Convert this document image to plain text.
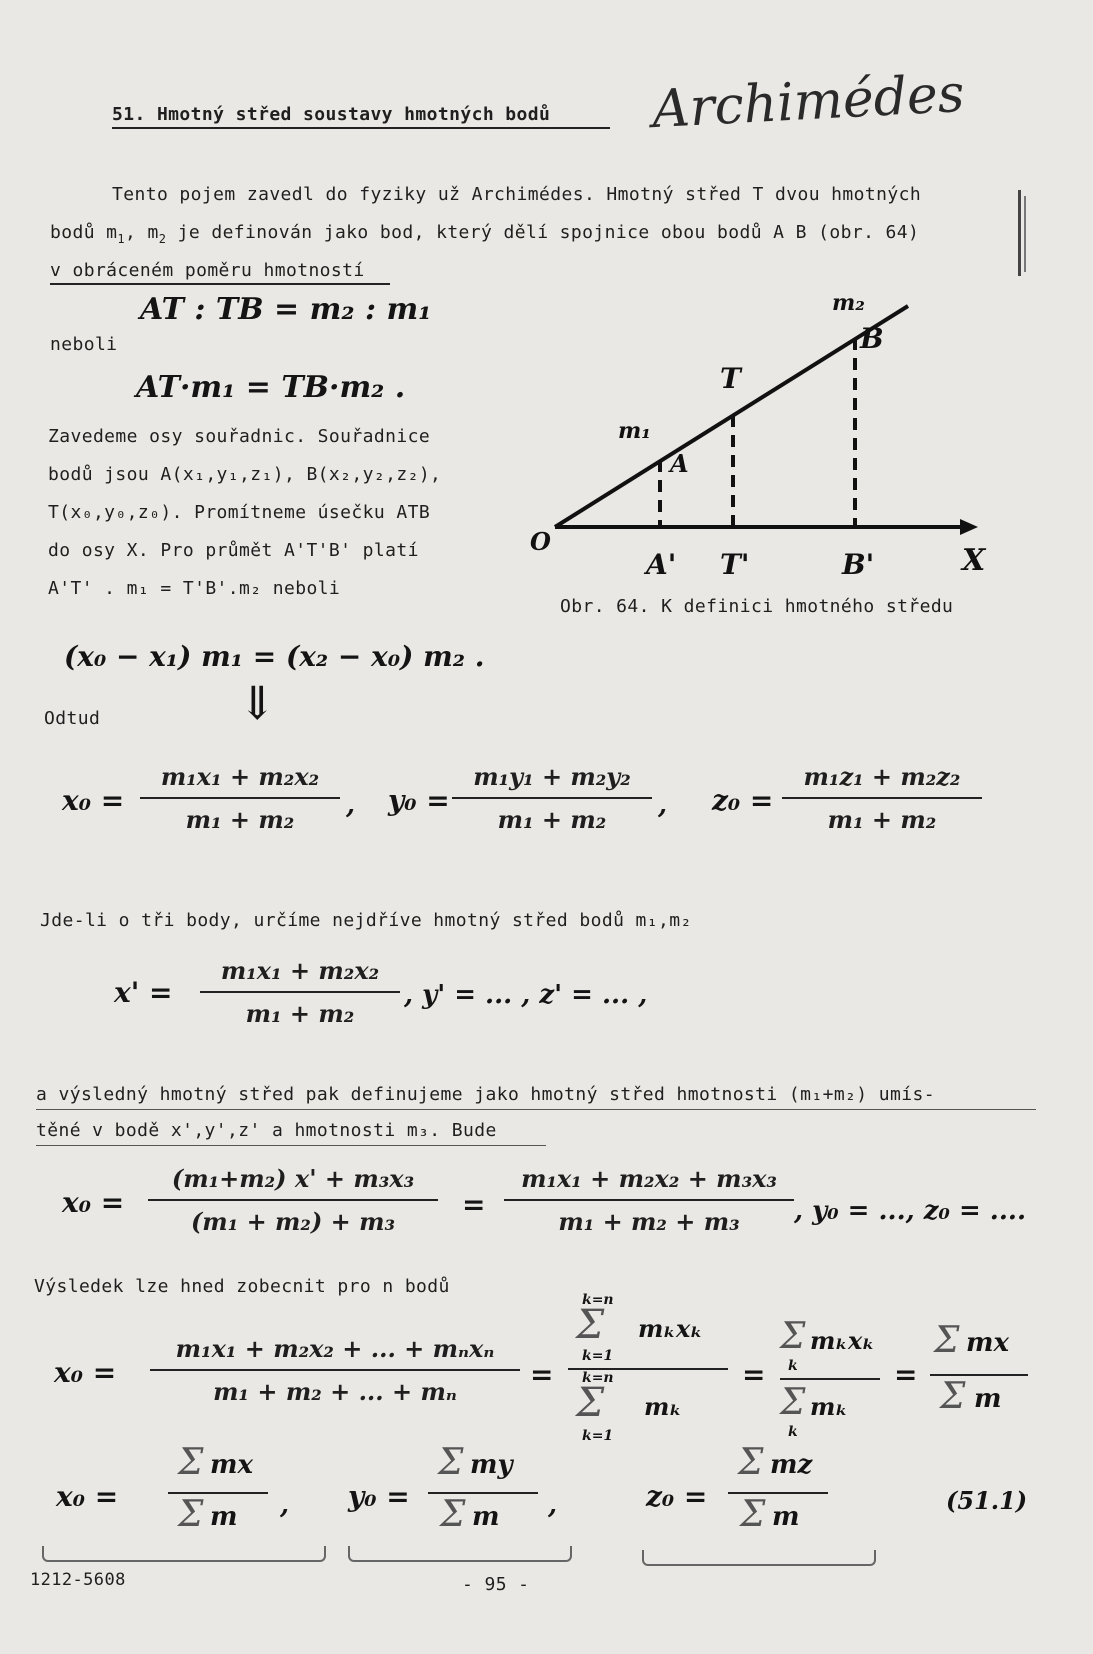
51. Hmotný střed soustavy hmotných bodů	Archimédes
Tento pojem zavedl do fyziky už Archimédes. Hmotný střed T dvou hmotných
bodů $m_1$, $m_2$ je definován jako bod, který dělí spojnice obou bodů A B (obr. 64)
v obráceném poměru hmotností
AT : TB = m₂ : m₁
neboli
AT·m₁ = TB·m₂ .
Zavedeme osy souřadnic. Souřadnice
bodů jsou A(x₁,y₁,z₁), B(x₂,y₂,z₂),
T(x₀,y₀,z₀). Promítneme úsečku ATB
do osy X. Pro průmět A'T'B' platí
A'T' . m₁ = T'B'.m₂ neboli
O
X
m₁
A
T
m₂
B
A' T'	B'
Obr. 64. K definici hmotného středu
(x₀ − x₁) m₁ = (x₂ − x₀) m₂ .
Odtud	⇓
x₀ =
m₁x₁ + m₂x₂
m₁ + m₂ , y₀ =
m₁y₁ + m₂y₂
m₁ + m₂ , z₀ =
m₁z₁ + m₂z₂
m₁ + m₂
Jde-li o tři body, určíme nejdříve hmotný střed bodů m₁,m₂
x' =
m₁x₁ + m₂x₂
m₁ + m₂
, y' = ... , z' = ... ,
a výsledný hmotný střed pak definujeme jako hmotný střed hmotnosti (m₁+m₂) umís-
těné v bodě x',y',z' a hmotnosti m₃. Bude
x₀ =
(m₁+m₂) x' + m₃x₃
(m₁ + m₂) + m₃
=
m₁x₁ + m₂x₂ + m₃x₃
m₁ + m₂ + m₃ , y₀ = ..., z₀ = ....
Výsledek lze hned zobecnit pro n bodů
x₀ =
m₁x₁ + m₂x₂ + ... + mₙxₙ
m₁ + m₂ + ... + mₙ
=
k=n
Σ
k=1
mₖxₖ
k=n
Σ
k=1
mₖ
=
Σ mₖxₖ
k
Σ mₖ
k
=
Σ mx
Σ m
x₀ =
Σ mx
Σ m , y₀ =
Σ my
Σ m ,	z₀ =
Σ mz
Σ m
(51.1)
1212-5608	- 95 -
